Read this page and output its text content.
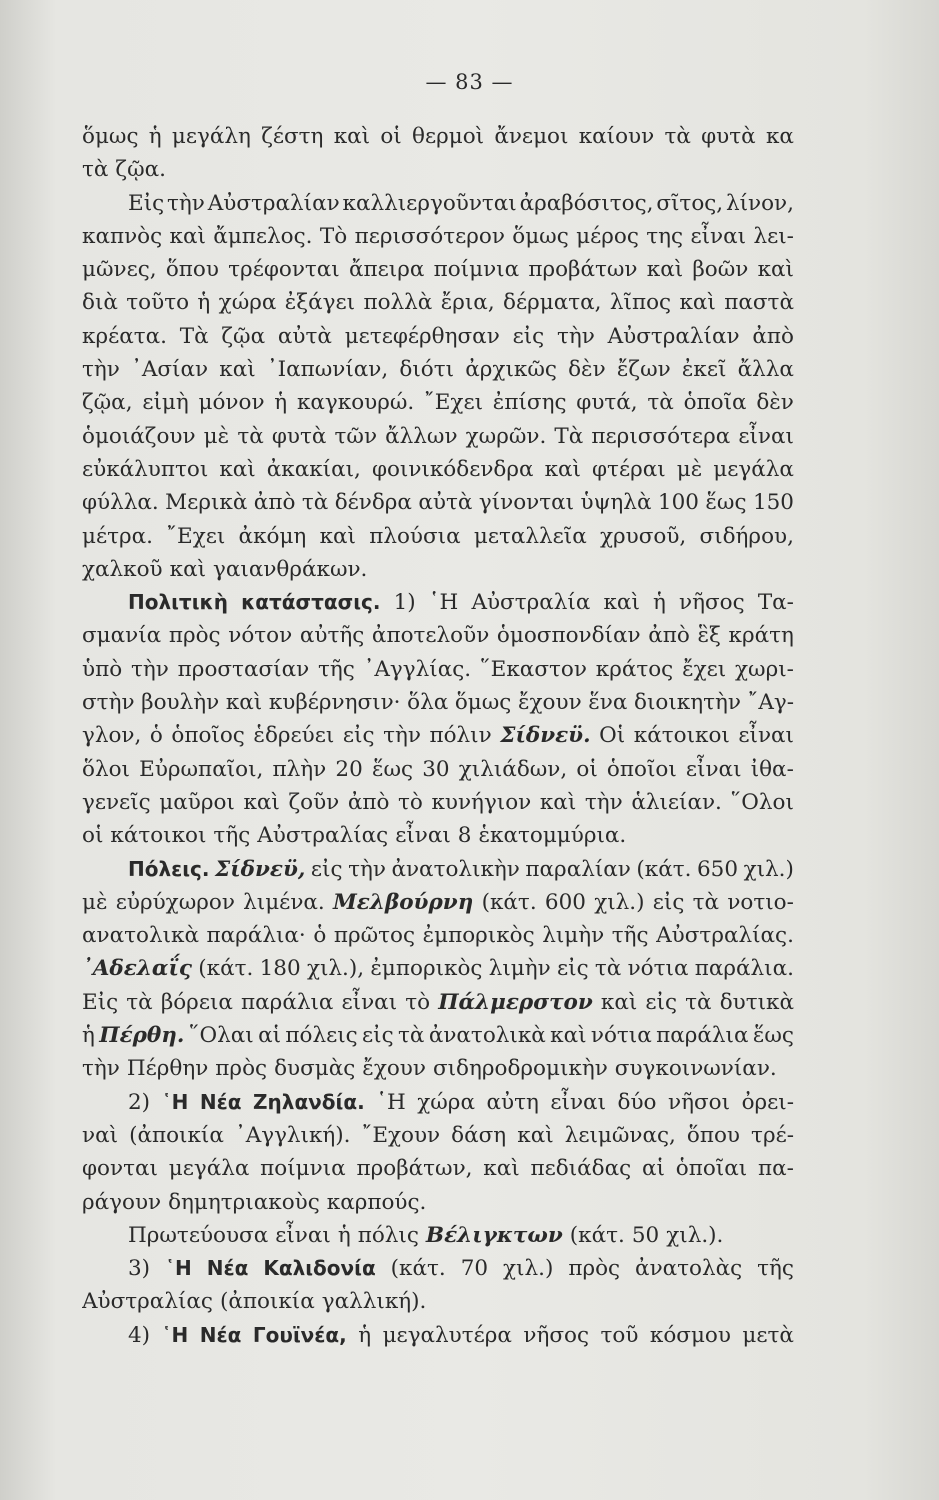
— 83 —
ὅμως ἡ μεγάλη ζέστη καὶ οἱ θερμοὶ ἄνεμοι καίουν τὰ φυτὰ κα
τὰ ζῷα.
Εἰς τὴν Αὐστραλίαν καλλιεργοῦνται ἀραβόσιτος, σῖτος, λίνον,
καπνὸς καὶ ἄμπελος. Τὸ περισσότερον ὅμως μέρος της εἶναι λει-
μῶνες, ὅπου τρέφονται ἄπειρα ποίμνια προβάτων καὶ βοῶν καὶ
διὰ τοῦτο ἡ χώρα ἐξάγει πολλὰ ἔρια, δέρματα, λῖπος καὶ παστὰ
κρέατα. Τὰ ζῷα αὐτὰ μετεφέρθησαν εἰς τὴν Αὐστραλίαν ἀπὸ
τὴν ᾿Ασίαν καὶ ᾿Ιαπωνίαν, διότι ἀρχικῶς δὲν ἔζων ἐκεῖ ἄλλα
ζῷα, εἰμὴ μόνον ἡ καγκουρώ. ῎Εχει ἐπίσης φυτά, τὰ ὁποῖα δὲν
ὁμοιάζουν μὲ τὰ φυτὰ τῶν ἄλλων χωρῶν. Τὰ περισσότερα εἶναι
εὐκάλυπτοι καὶ ἀκακίαι, φοινικόδενδρα καὶ φτέραι μὲ μεγάλα
φύλλα. Μερικὰ ἀπὸ τὰ δένδρα αὐτὰ γίνονται ὑψηλὰ 100 ἕως 150
μέτρα. ῎Εχει ἀκόμη καὶ πλούσια μεταλλεῖα χρυσοῦ, σιδήρου,
χαλκοῦ καὶ γαιανθράκων.
Πολιτικὴ κατάστασις. 1) ῾Η Αὐστραλία καὶ ἡ νῆσος Τα-
σμανία πρὸς νότον αὐτῆς ἀποτελοῦν ὁμοσπονδίαν ἀπὸ ἓξ κράτη
ὑπὸ τὴν προστασίαν τῆς ᾿Αγγλίας. ῞Εκαστον κράτος ἔχει χωρι-
στὴν βουλὴν καὶ κυβέρνησιν· ὅλα ὅμως ἔχουν ἕνα διοικητὴν ῎Αγ-
γλον, ὁ ὁποῖος ἑδρεύει εἰς τὴν πόλιν Σίδνεϋ. Οἱ κάτοικοι εἶναι
ὅλοι Εὐρωπαῖοι, πλὴν 20 ἕως 30 χιλιάδων, οἱ ὁποῖοι εἶναι ἰθα-
γενεῖς μαῦροι καὶ ζοῦν ἀπὸ τὸ κυνήγιον καὶ τὴν ἁλιείαν. ῞Ολοι
οἱ κάτοικοι τῆς Αὐστραλίας εἶναι 8 ἑκατομμύρια.
Πόλεις. Σίδνεϋ, εἰς τὴν ἀνατολικὴν παραλίαν (κάτ. 650 χιλ.)
μὲ εὐρύχωρον λιμένα. Μελβούρνη (κάτ. 600 χιλ.) εἰς τὰ νοτιο-
ανατολικὰ παράλια· ὁ πρῶτος ἐμπορικὸς λιμὴν τῆς Αὐστραλίας.
᾿Αδελαΐς (κάτ. 180 χιλ.), ἐμπορικὸς λιμὴν εἰς τὰ νότια παράλια.
Εἰς τὰ βόρεια παράλια εἶναι τὸ Πάλμερστον καὶ εἰς τὰ δυτικὰ
ἡ Πέρθη. ῞Ολαι αἱ πόλεις εἰς τὰ ἀνατολικὰ καὶ νότια παράλια ἕως
τὴν Πέρθην πρὸς δυσμὰς ἔχουν σιδηροδρομικὴν συγκοινωνίαν.
2) ῾Η Νέα Ζηλανδία. ῾Η χώρα αὐτη εἶναι δύο νῆσοι ὀρει-
ναὶ (ἀποικία ᾿Αγγλική). ῎Εχουν δάση καὶ λειμῶνας, ὅπου τρέ-
φονται μεγάλα ποίμνια προβάτων, καὶ πεδιάδας αἱ ὁποῖαι πα-
ράγουν δημητριακοὺς καρπούς.
Πρωτεύουσα εἶναι ἡ πόλις Βέλιγκτων (κάτ. 50 χιλ.).
3) ῾Η Νέα Καλιδονία (κάτ. 70 χιλ.) πρὸς ἀνατολὰς τῆς
Αὐστραλίας (ἀποικία γαλλική).
4) ῾Η Νέα Γουϊνέα, ἡ μεγαλυτέρα νῆσος τοῦ κόσμου μετὰ
